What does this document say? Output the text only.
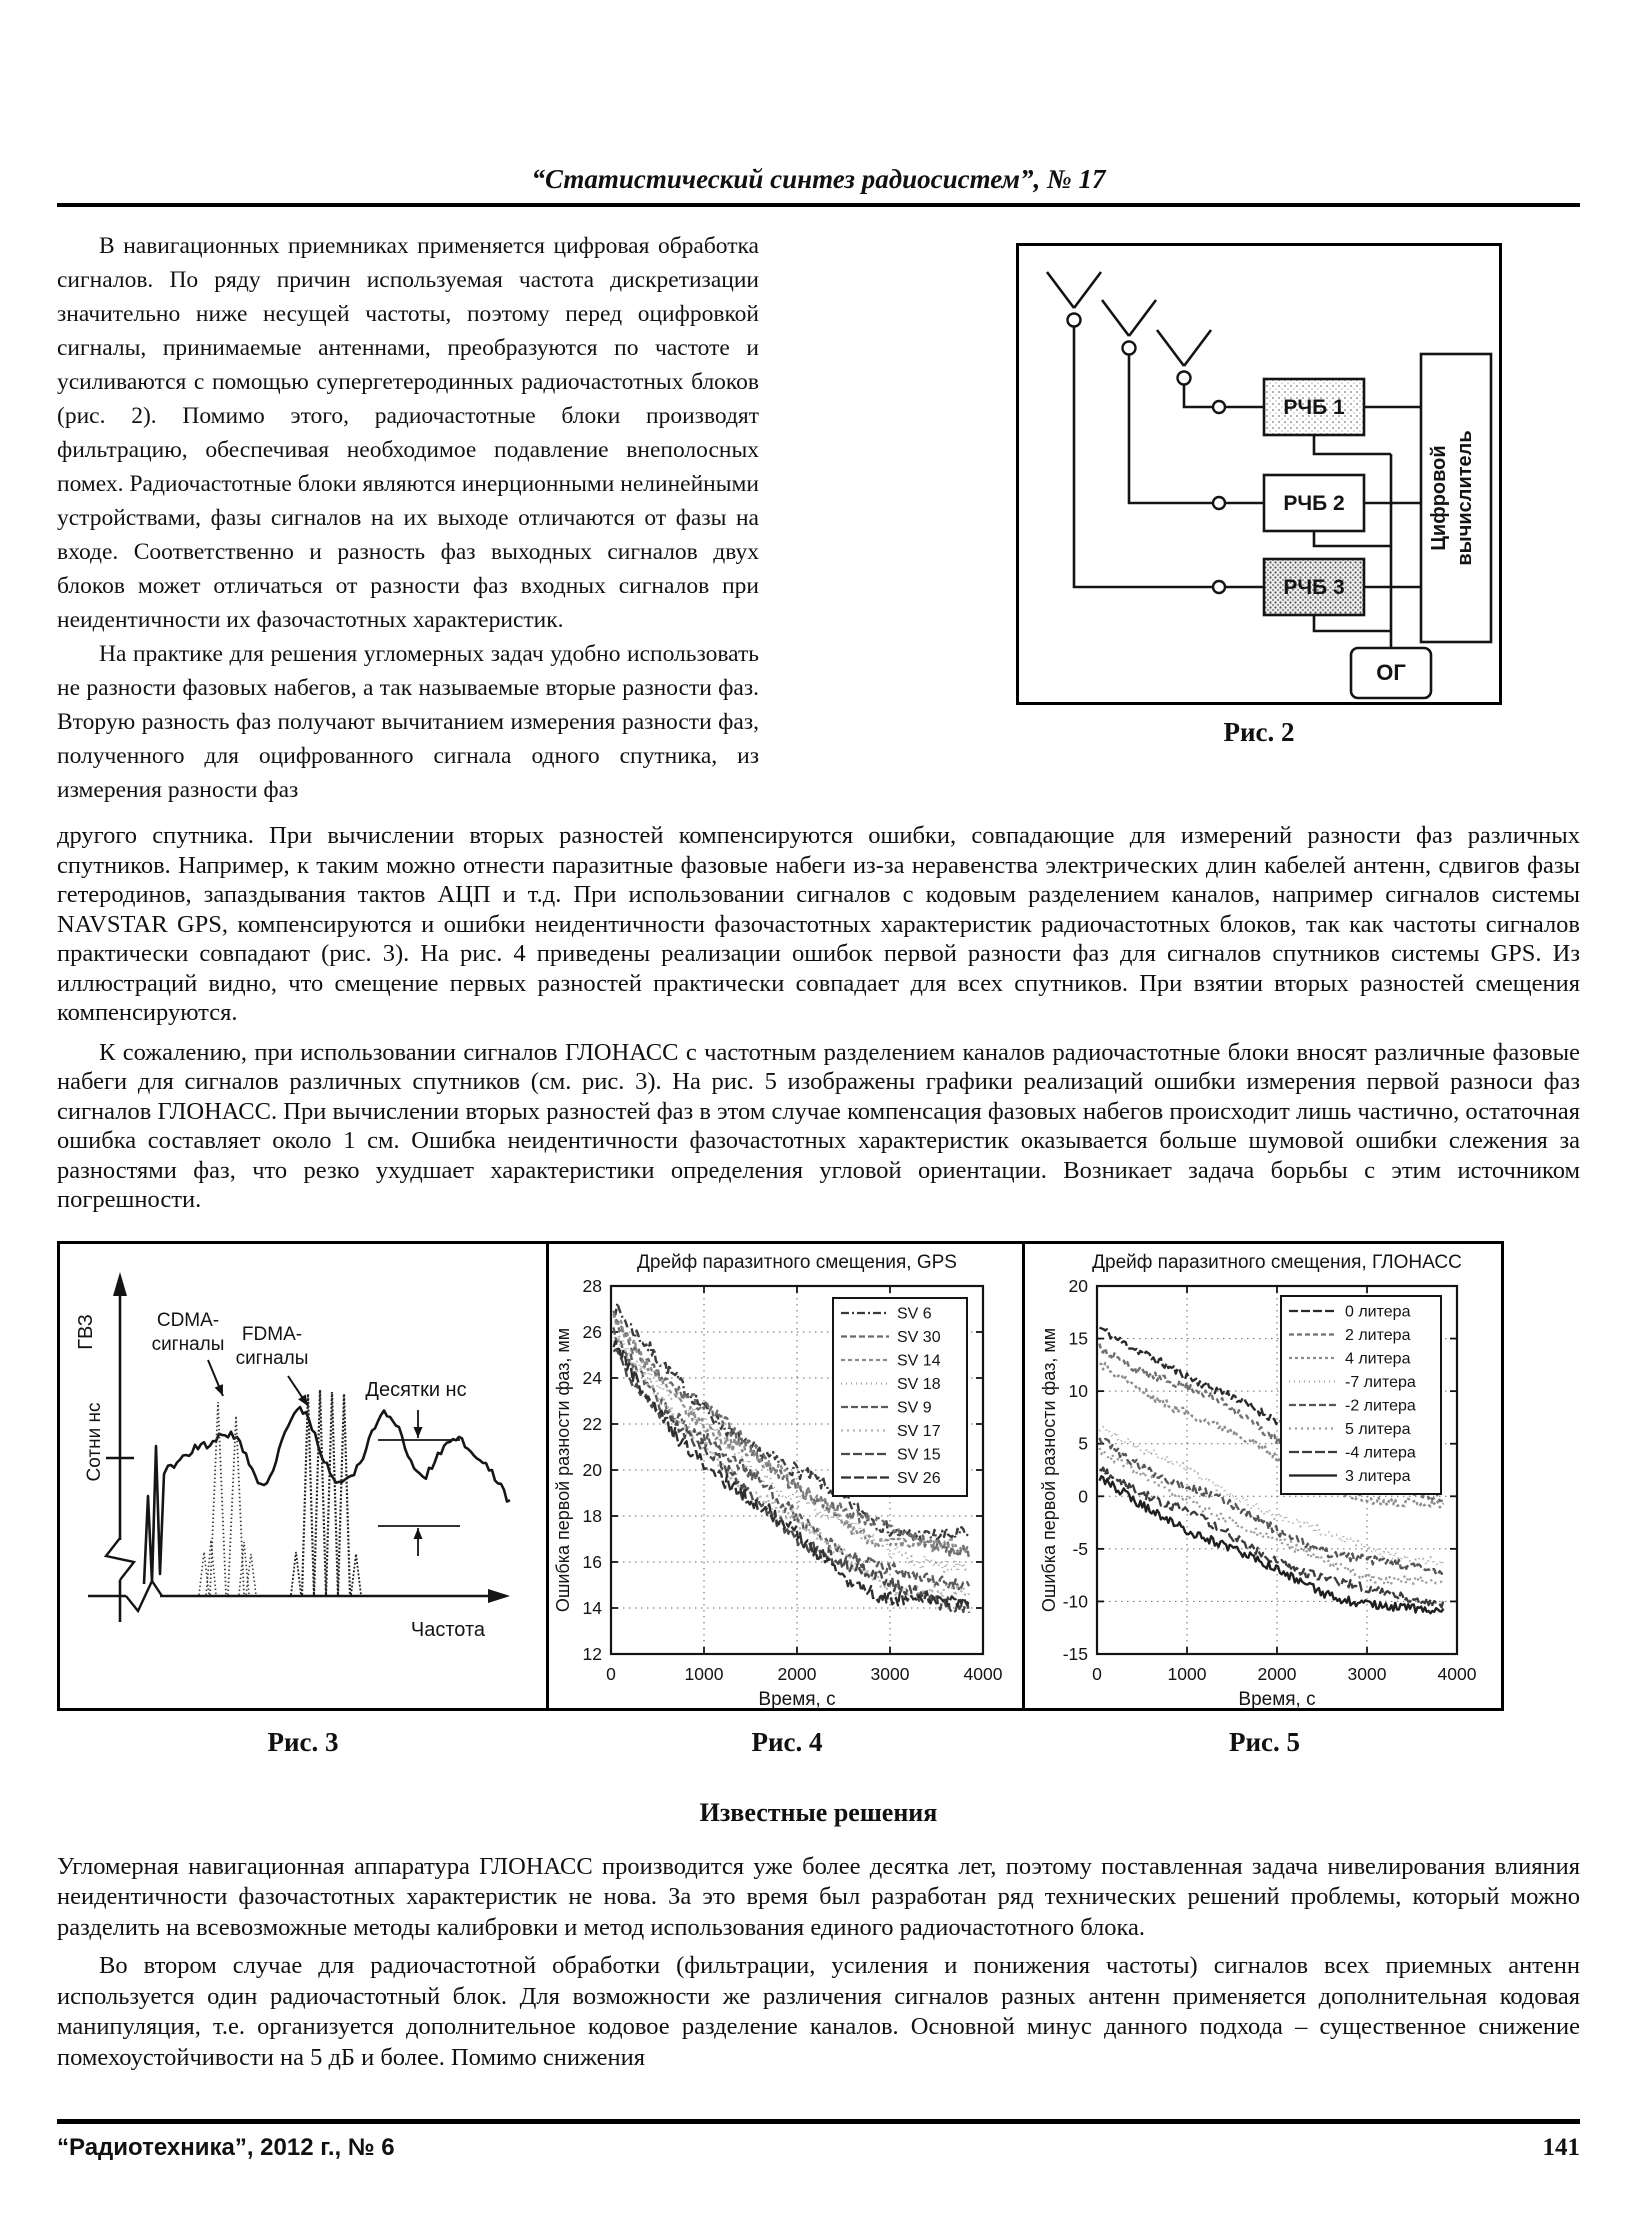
“Статистический синтез радиосистем”, № 17

В навигационных приемниках применяется цифровая обработка сигналов. По ряду причин используемая частота дискретизации значительно ниже несущей частоты, поэтому перед оцифровкой сигналы, принимаемые антеннами, преобразуются по частоте и усиливаются с помощью супергетеродинных радиочастотных блоков (рис. 2). Помимо этого, радиочастотные блоки производят фильтрацию, обеспечивая необходимое подавление внеполосных помех. Радиочастотные блоки являются инерционными нелинейными устройствами, фазы сигналов на их выходе отличаются от фазы на входе. Соответственно и разность фаз выходных сигналов двух блоков может отличаться от разности фаз входных сигналов при неидентичности их фазочастотных характеристик.

На практике для решения угломерных задач удобно использовать не разности фазовых набегов, а так называемые вторые разности фаз. Вторую разность фаз получают вычитанием измерения разности фаз, полученного для оцифрованного сигнала одного спутника, из измерения разности фаз

РЧБ 1
РЧБ 2
РЧБ 3
Цифровой вычислитель
ОГ
Рис. 2

другого спутника. При вычислении вторых разностей компенсируются ошибки, совпадающие для измерений разности фаз различных спутников. Например, к таким можно отнести паразитные фазовые набеги из-за неравенства электрических длин кабелей антенн, сдвигов фазы гетеродинов, запаздывания тактов АЦП и т.д. При использовании сигналов с кодовым разделением каналов, например сигналов системы NAVSTAR GPS, компенсируются и ошибки неидентичности фазочастотных характеристик радиочастотных блоков, так как частоты сигналов практически совпадают (рис. 3). На рис. 4 приведены реализации ошибок первой разности фаз для сигналов спутников системы GPS. Из иллюстраций видно, что смещение первых разностей практически совпадает для всех спутников. При взятии вторых разностей смещения компенсируются.

К сожалению, при использовании сигналов ГЛОНАСС с частотным разделением каналов радиочастотные блоки вносят различные фазовые набеги для сигналов различных спутников (см. рис. 3). На рис. 5 изображены графики реализаций ошибки измерения первой разноси фаз сигналов ГЛОНАСС. При вычислении вторых разностей фаз в этом случае компенсация фазовых набегов происходит лишь частично, остаточная ошибка составляет около 1 см. Ошибка неидентичности фазочастотных характеристик оказывается больше шумовой ошибки слежения за разностями фаз, что резко ухудшает характеристики определения угловой ориентации. Возникает задача борьбы с этим источником погрешности.

ГВЗ
Сотни нс
Частота
CDMA-
сигналы FDMA-
сигналы
Десятки нс
Дрейф паразитного смещения, GPS
0	1000	2000	3000	4000
12
14
16
18
20
22
24
26
28
Ошибка первой разности фаз, мм
Время, с
SV 6
SV 30
SV 14
SV 18
SV 9
SV 17
SV 15
SV 26
Дрейф паразитного смещения, ГЛОНАСС
0	1000	2000	3000	4000
-15
-10
-5
0
5
10
15
20
Ошибка первой разности фаз, мм
Время, с
0 литера
2 литера
4 литера
-7 литера
-2 литера
5 литера
-4 литера
3 литера
Рис. 3	Рис. 4	Рис. 5
Известные решения

Угломерная навигационная аппаратура ГЛОНАСС производится уже более десятка лет, поэтому поставленная задача нивелирования влияния неидентичности фазочастотных характеристик не нова. За это время был разработан ряд технических решений проблемы, который можно разделить на всевозможные методы калибровки и метод использования единого радиочастотного блока.

Во втором случае для радиочастотной обработки (фильтрации, усиления и понижения частоты) сигналов всех приемных антенн используется один радиочастотный блок. Для возможности же различения сигналов разных антенн применяется дополнительная кодовая манипуляция, т.е. организуется дополнительное кодовое разделение каналов. Основной минус данного подхода – существенное снижение помехоустойчивости на 5 дБ и более. Помимо снижения

“Радиотехника”, 2012 г., № 6	141
